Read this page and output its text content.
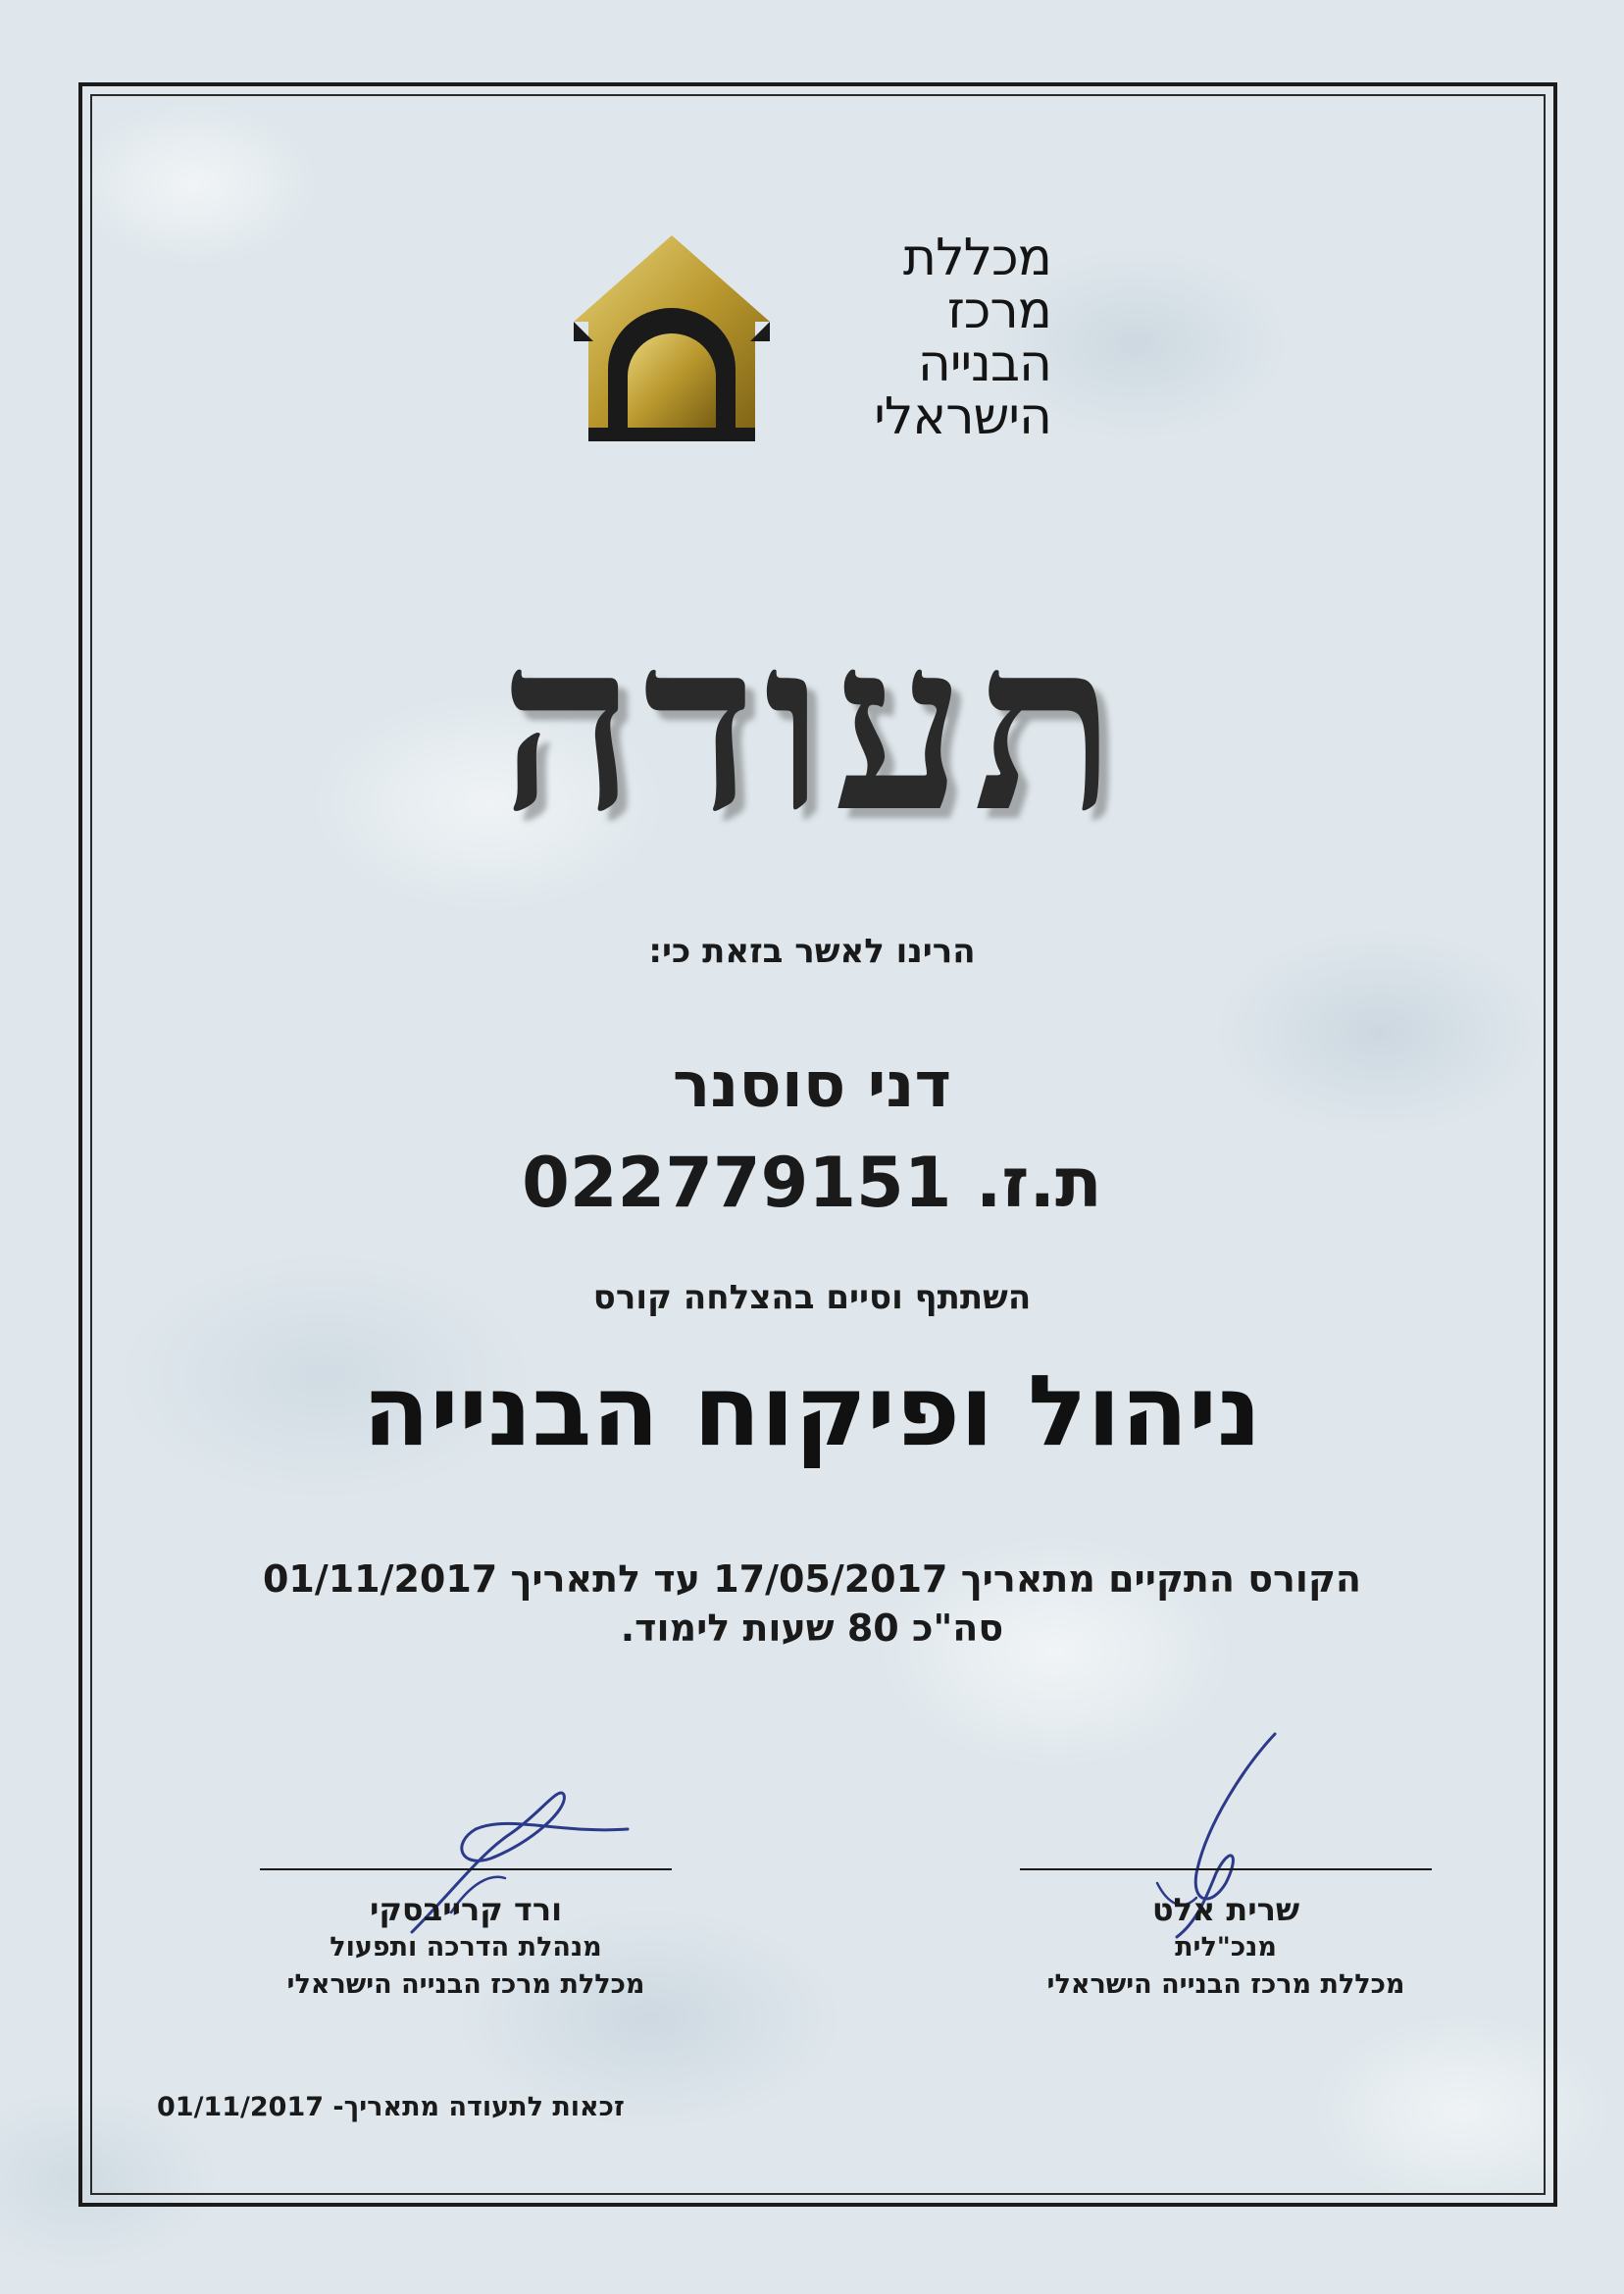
מכללת
מרכז
הבנייה
הישראלי
תעודה
הרינו לאשר בזאת כי:
דני סוסנר
ת.ז. 022779151
השתתף וסיים בהצלחה קורס
ניהול ופיקוח הבנייה
הקורס התקיים מתאריך 17/05/2017 עד לתאריך 01/11/2017
סה"כ 80 שעות לימוד.
ורד קרייבסקי
מנהלת הדרכה ותפעול
מכללת מרכז הבנייה הישראלי
שרית אלט
מנכ"לית
מכללת מרכז הבנייה הישראלי
זכאות לתעודה מתאריך- 01/11/2017
